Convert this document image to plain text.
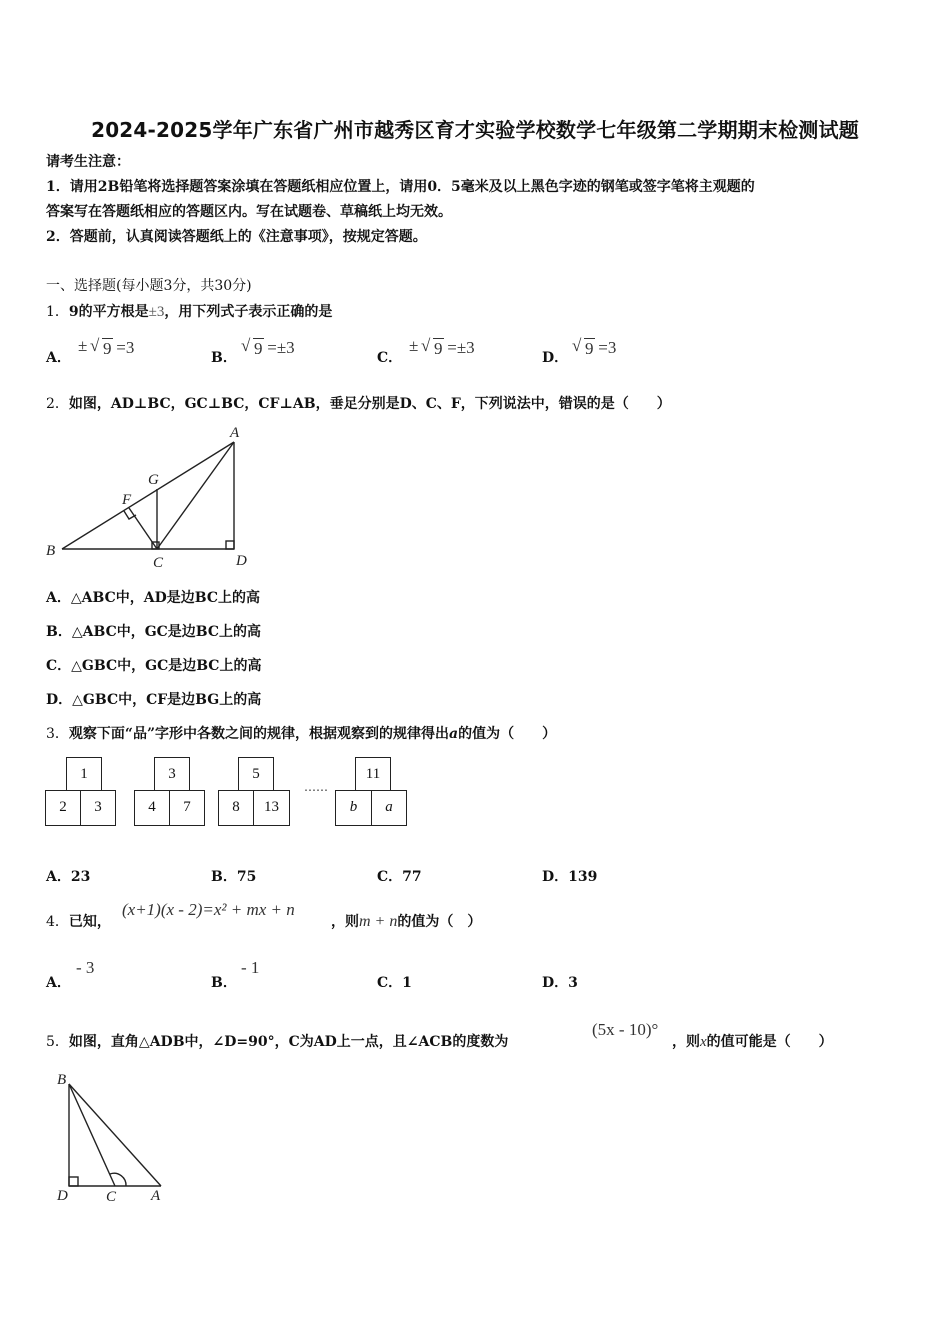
2024-2025学年广东省广州市越秀区育才实验学校数学七年级第二学期期末检测试题
请考生注意：
1．请用2B铅笔将选择题答案涂填在答题纸相应位置上，请用0．5毫米及以上黑色字迹的钢笔或签字笔将主观题的
答案写在答题纸相应的答题区内。写在试题卷、草稿纸上均无效。
2．答题前，认真阅读答题纸上的《注意事项》，按规定答题。
一、选择题(每小题3分，共30分)
1．9的平方根是±3，用下列式子表示正确的是
A．
± √ 9 =3
B．
√ 9 =±3
C．
± √ 9 =±3
D．
√ 9 =3
2．如图，AD⊥BC，GC⊥BC，CF⊥AB，垂足分别是D、C、F，下列说法中，错误的是（　　）
A
B
C	D
F
G
A．△ABC中，AD是边BC上的高
B．△ABC中，GC是边BC上的高
C．△GBC中，GC是边BC上的高
D．△GBC中，CF是边BG上的高
3．观察下面“品”字形中各数之间的规律，根据观察到的规律得出a的值为（　　）
1
2	3
3
4	7
5
8	13
……
11
b	a
A．23	B．75	C．77	D．139
4．已知，
(x+1)(x - 2)=x² + mx + n
，则m + n的值为（　）
A．
- 3
B．
- 1
C．1	D．3
5．如图，直角△ADB中，∠D=90°，C为AD上一点，且∠ACB的度数为
(5x - 10)°
，则x的值可能是（　　）
B
D	C A
